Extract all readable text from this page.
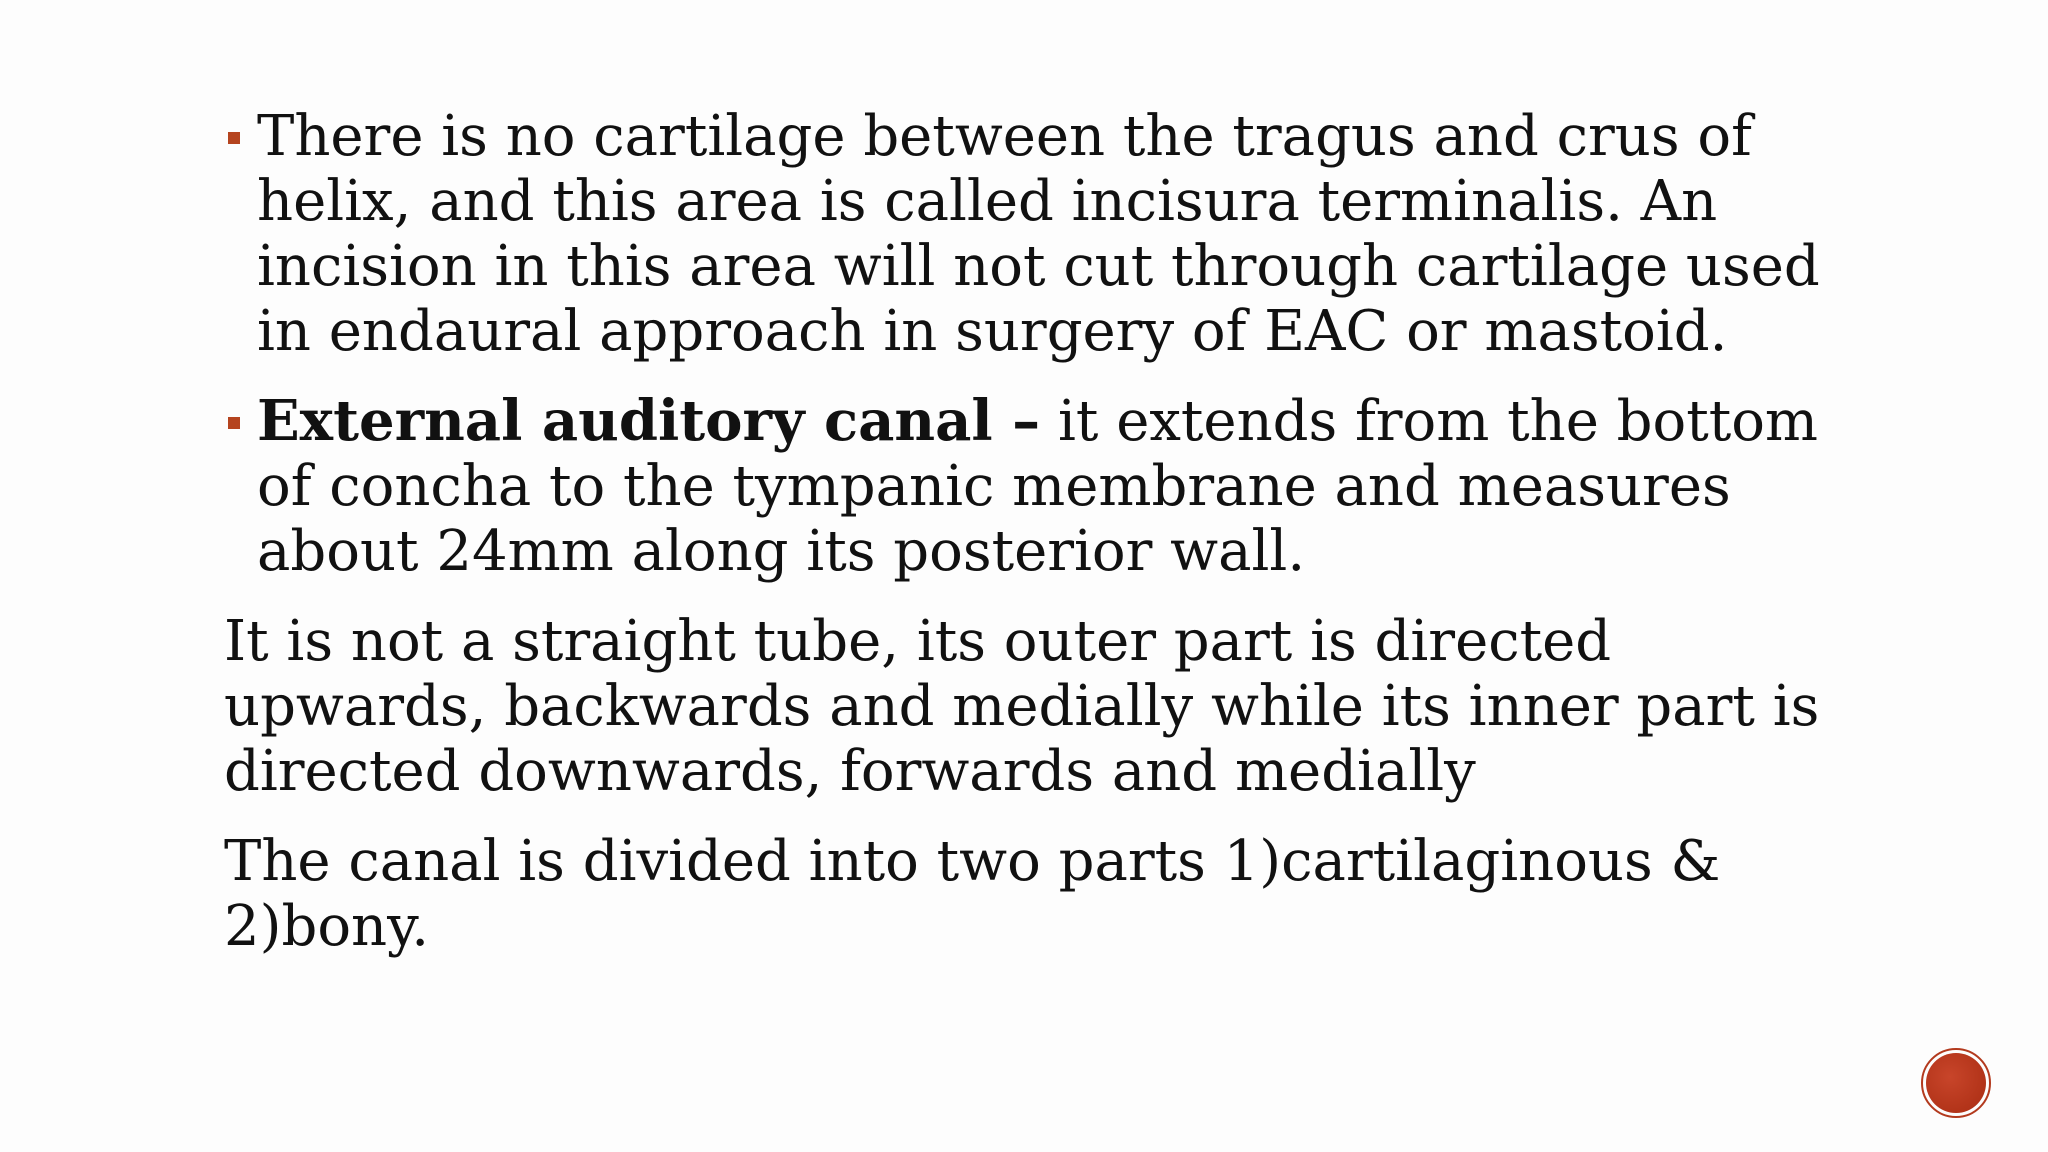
There is no cartilage between the tragus and crus of helix, and this area is called incisura terminalis. An incision in this area will not cut through cartilage used in endaural approach in surgery of EAC or mastoid.
External auditory canal – it extends from the bottom of concha to the tympanic membrane and measures about 24mm along its posterior wall.
It is not a straight tube, its outer part is directed upwards, backwards and medially while its inner part is directed downwards, forwards and medially
The canal is divided into two parts 1)cartilaginous & 2)bony.
